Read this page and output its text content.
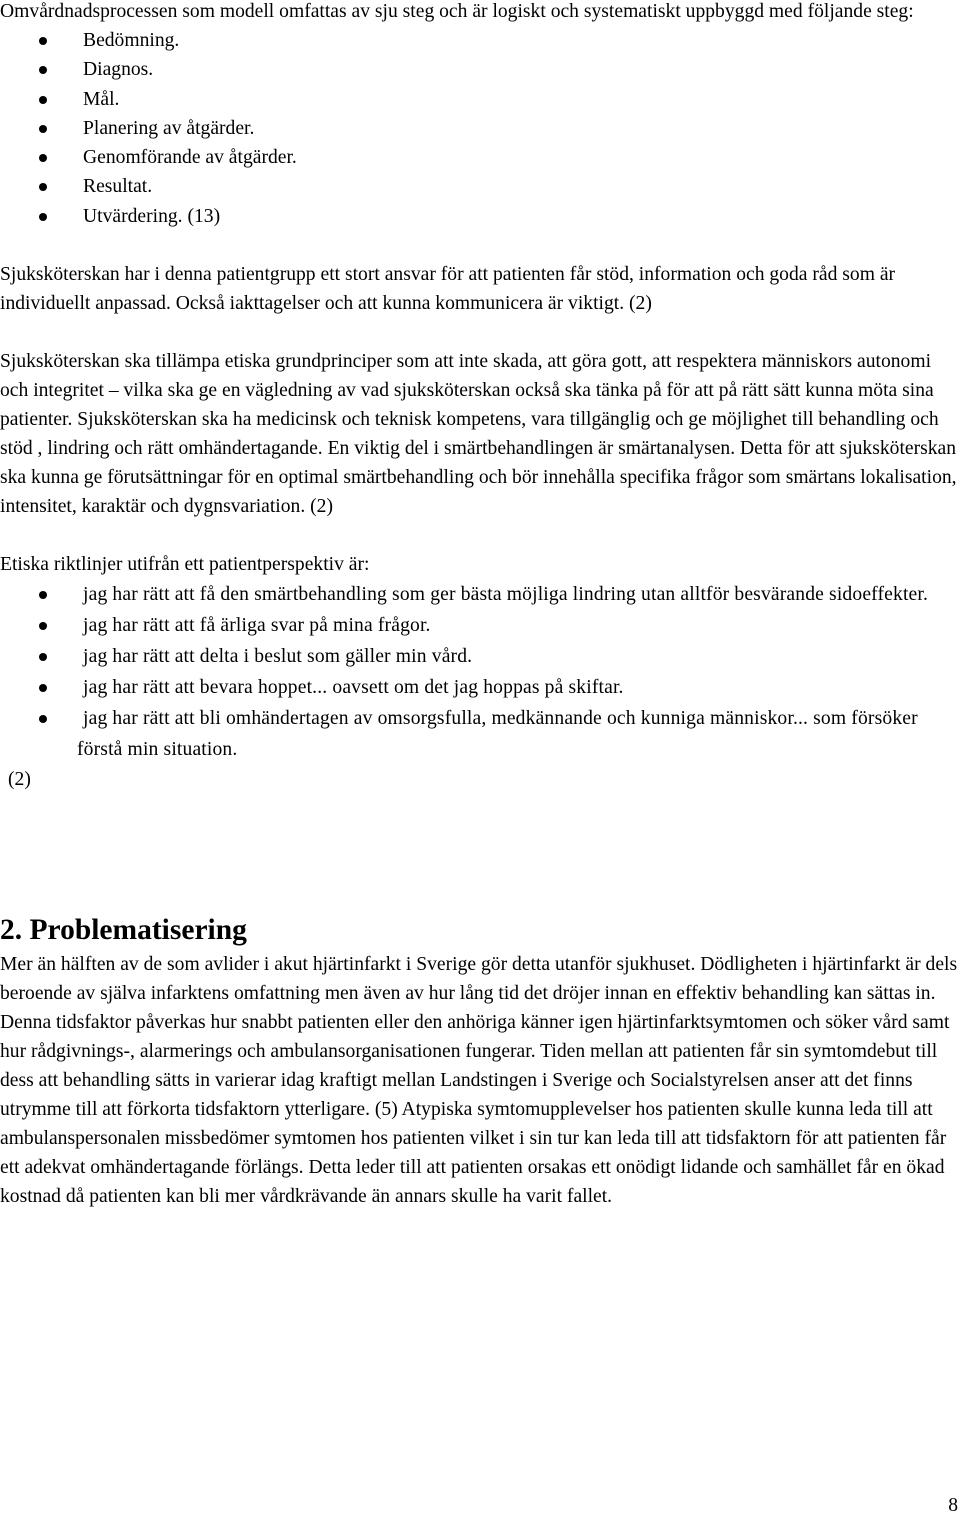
Omvårdnadsprocessen som modell omfattas av sju steg och är logiskt och systematiskt uppbyggd med följande steg:

Bedömning.
Diagnos.
Mål.
Planering av åtgärder.
Genomförande av åtgärder.
Resultat.
Utvärdering. (13)

Sjuksköterskan har i denna patientgrupp ett stort ansvar för att patienten får stöd, information och goda råd som är individuellt anpassad. Också iakttagelser och att kunna kommunicera är viktigt. (2)

Sjuksköterskan ska tillämpa etiska grundprinciper som att inte skada, att göra gott, att respektera människors autonomi och integritet – vilka ska ge en vägledning av vad sjuksköterskan också ska tänka på för att på rätt sätt kunna möta sina patienter. Sjuksköterskan ska ha medicinsk och teknisk kompetens, vara tillgänglig och ge möjlighet till behandling och stöd , lindring och rätt omhändertagande. En viktig del i smärtbehandlingen är smärtanalysen. Detta för att sjuksköterskan ska kunna ge förutsättningar för en optimal smärtbehandling och bör innehålla specifika frågor som smärtans lokalisation, intensitet, karaktär och dygnsvariation. (2)

Etiska riktlinjer utifrån ett patientperspektiv är:

jag har rätt att få den smärtbehandling som ger bästa möjliga lindring utan alltför besvärande sidoeffekter.
jag har rätt att få ärliga svar på mina frågor.
jag har rätt att delta i beslut som gäller min vård.
jag har rätt att bevara hoppet... oavsett om det jag hoppas på skiftar.
jag har rätt att bli omhändertagen av omsorgsfulla, medkännande och kunniga människor... som försöker förstå min situation.

(2)

2. Problematisering

Mer än hälften av de som avlider i akut hjärtinfarkt i Sverige gör detta utanför sjukhuset. Dödligheten i hjärtinfarkt är dels beroende av själva infarktens omfattning men även av hur lång tid det dröjer innan en effektiv behandling kan sättas in. Denna tidsfaktor påverkas hur snabbt patienten eller den anhöriga känner igen hjärtinfarktsymtomen och söker vård samt hur rådgivnings-, alarmerings och ambulansorganisationen fungerar. Tiden mellan att patienten får sin symtomdebut till dess att behandling sätts in varierar idag kraftigt mellan Landstingen i Sverige och Socialstyrelsen anser att det finns utrymme till att förkorta tidsfaktorn ytterligare. (5) Atypiska symtomupplevelser hos patienten skulle kunna leda till att ambulanspersonalen missbedömer symtomen hos patienten vilket i sin tur kan leda till att tidsfaktorn för att patienten får ett adekvat omhändertagande förlängs. Detta leder till att patienten orsakas ett onödigt lidande och samhället får en ökad kostnad då patienten kan bli mer vårdkrävande än annars skulle ha varit fallet.

8
